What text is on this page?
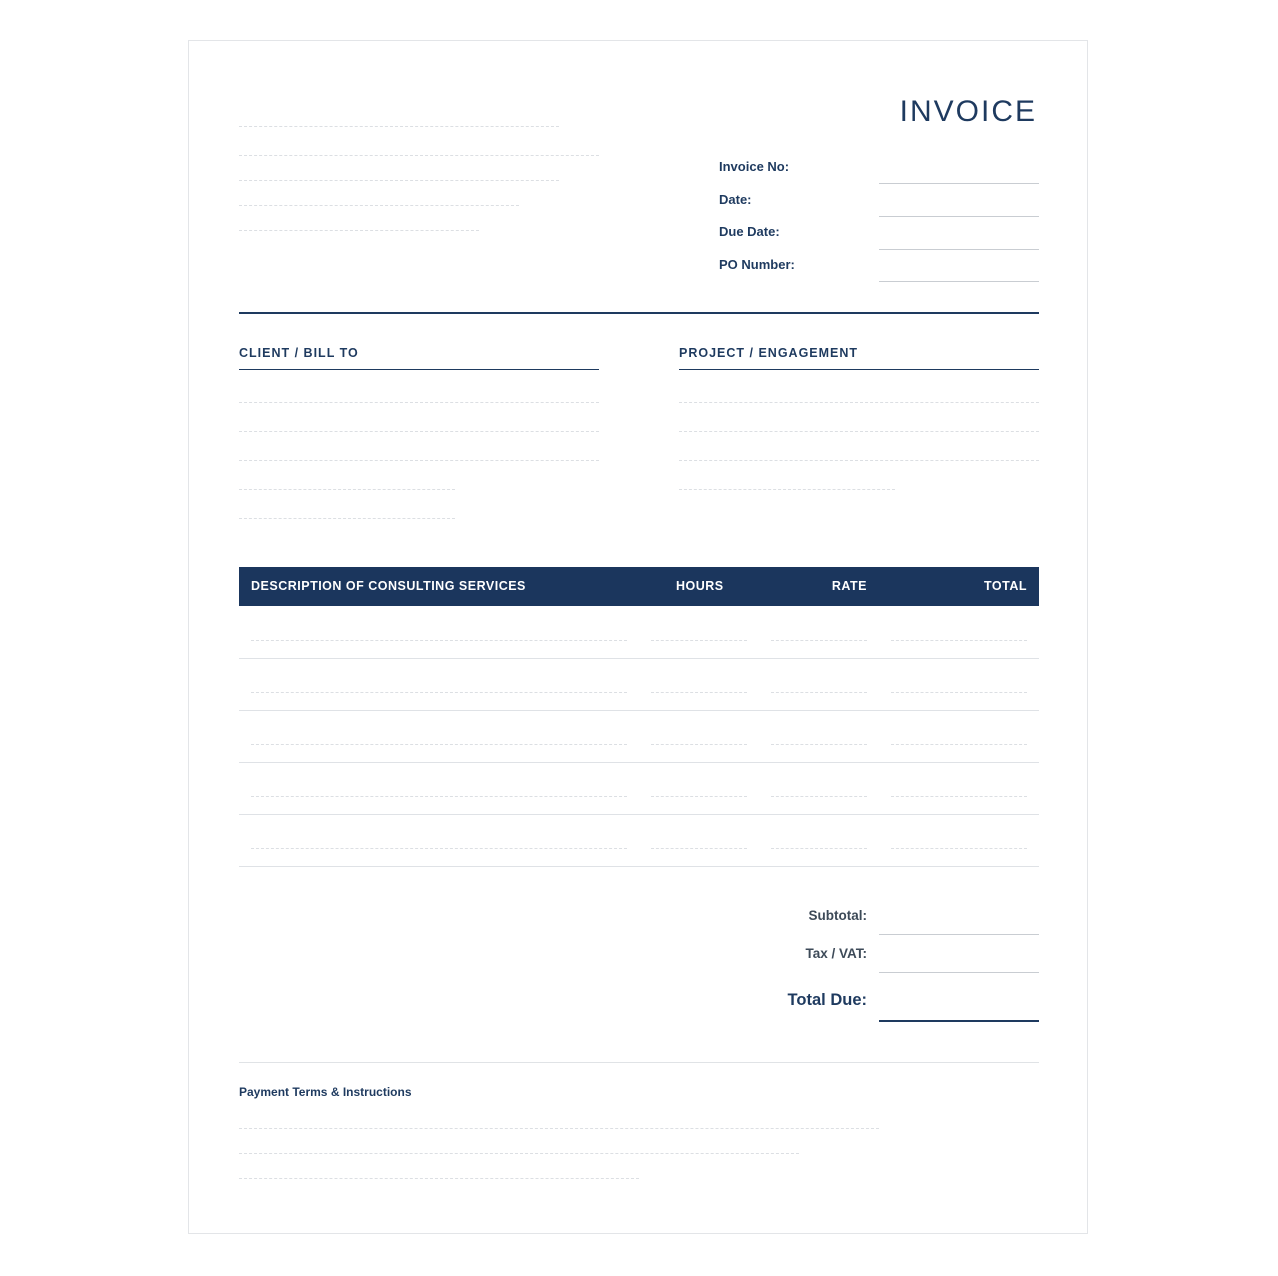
INVOICE
Invoice No:
Date:
Due Date:
PO Number:
CLIENT / BILL TO	PROJECT / ENGAGEMENT
DESCRIPTION OF CONSULTING SERVICES	HOURS	RATE	TOTAL
Subtotal:
Tax / VAT:
Total Due:
Payment Terms & Instructions
